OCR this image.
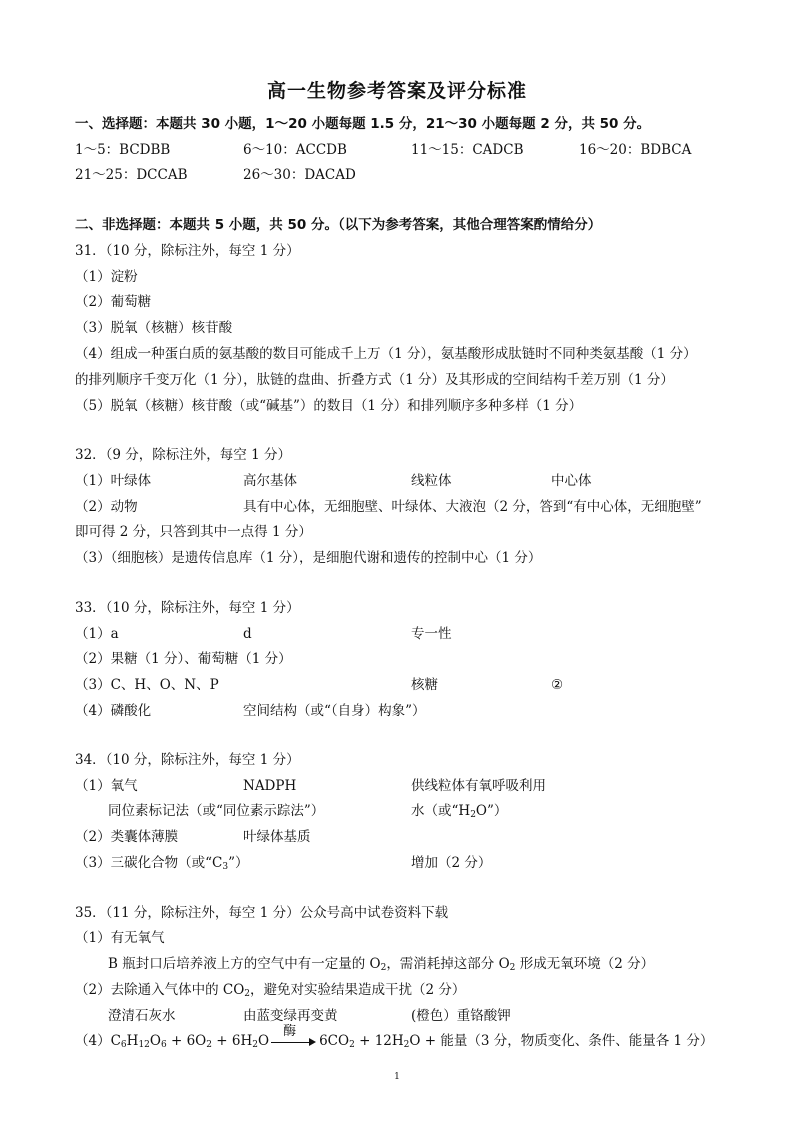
高一生物参考答案及评分标准
一、选择题：本题共 30 小题，1～20 小题每题 1.5 分，21～30 小题每题 2 分，共 50 分。
1～5：BCDBB	6～10：ACCDB	11～15：CADCB	16～20：BDBCA
21～25：DCCAB	26～30：DACAD
二、非选择题：本题共 5 小题，共 50 分。（以下为参考答案，其他合理答案酌情给分）
31．（10 分，除标注外，每空 1 分）
（1）淀粉
（2）葡萄糖
（3）脱氧（核糖）核苷酸
（4）组成一种蛋白质的氨基酸的数目可能成千上万（1 分），氨基酸形成肽链时不同种类氨基酸（1 分）
的排列顺序千变万化（1 分），肽链的盘曲、折叠方式（1 分）及其形成的空间结构千差万别（1 分）
（5）脱氧（核糖）核苷酸（或“碱基”）的数目（1 分）和排列顺序多种多样（1 分）
32．（9 分，除标注外，每空 1 分）
（1）叶绿体	高尔基体	线粒体	中心体
（2）动物	具有中心体，无细胞壁、叶绿体、大液泡（2 分，答到“有中心体，无细胞壁”
即可得 2 分，只答到其中一点得 1 分）
（3）（细胞核）是遗传信息库（1 分），是细胞代谢和遗传的控制中心（1 分）
33．（10 分，除标注外，每空 1 分）
（1）a	d	专一性
（2）果糖（1 分）、葡萄糖（1 分）
（3）C、H、O、N、P	核糖	②
（4）磷酸化	空间结构（或“（自身）构象”）
34．（10 分，除标注外，每空 1 分）
（1）氧气	NADPH	供线粒体有氧呼吸利用
同位素标记法（或“同位素示踪法”）	水（或“$H_2O$”）
（2）类囊体薄膜	叶绿体基质
（3）三碳化合物（或“$C_3$”）	增加（2 分）
35．（11 分，除标注外，每空 1 分）公众号高中试卷资料下载
（1）有无氧气
B 瓶封口后培养液上方的空气中有一定量的 $O_2$，需消耗掉这部分 $O_2$ 形成无氧环境（2 分）
（2）去除通入气体中的 $CO_2$，避免对实验结果造成干扰（2 分）
澄清石灰水	由蓝变绿再变黄	(橙色）重铬酸钾
$(4)C_6H_{12}O_6 + 6O_2 + 6H_2O$
酶
$6CO_2 + 12H_2O$ + 能量（3 分，物质变化、条件、能量各 1 分）
1
